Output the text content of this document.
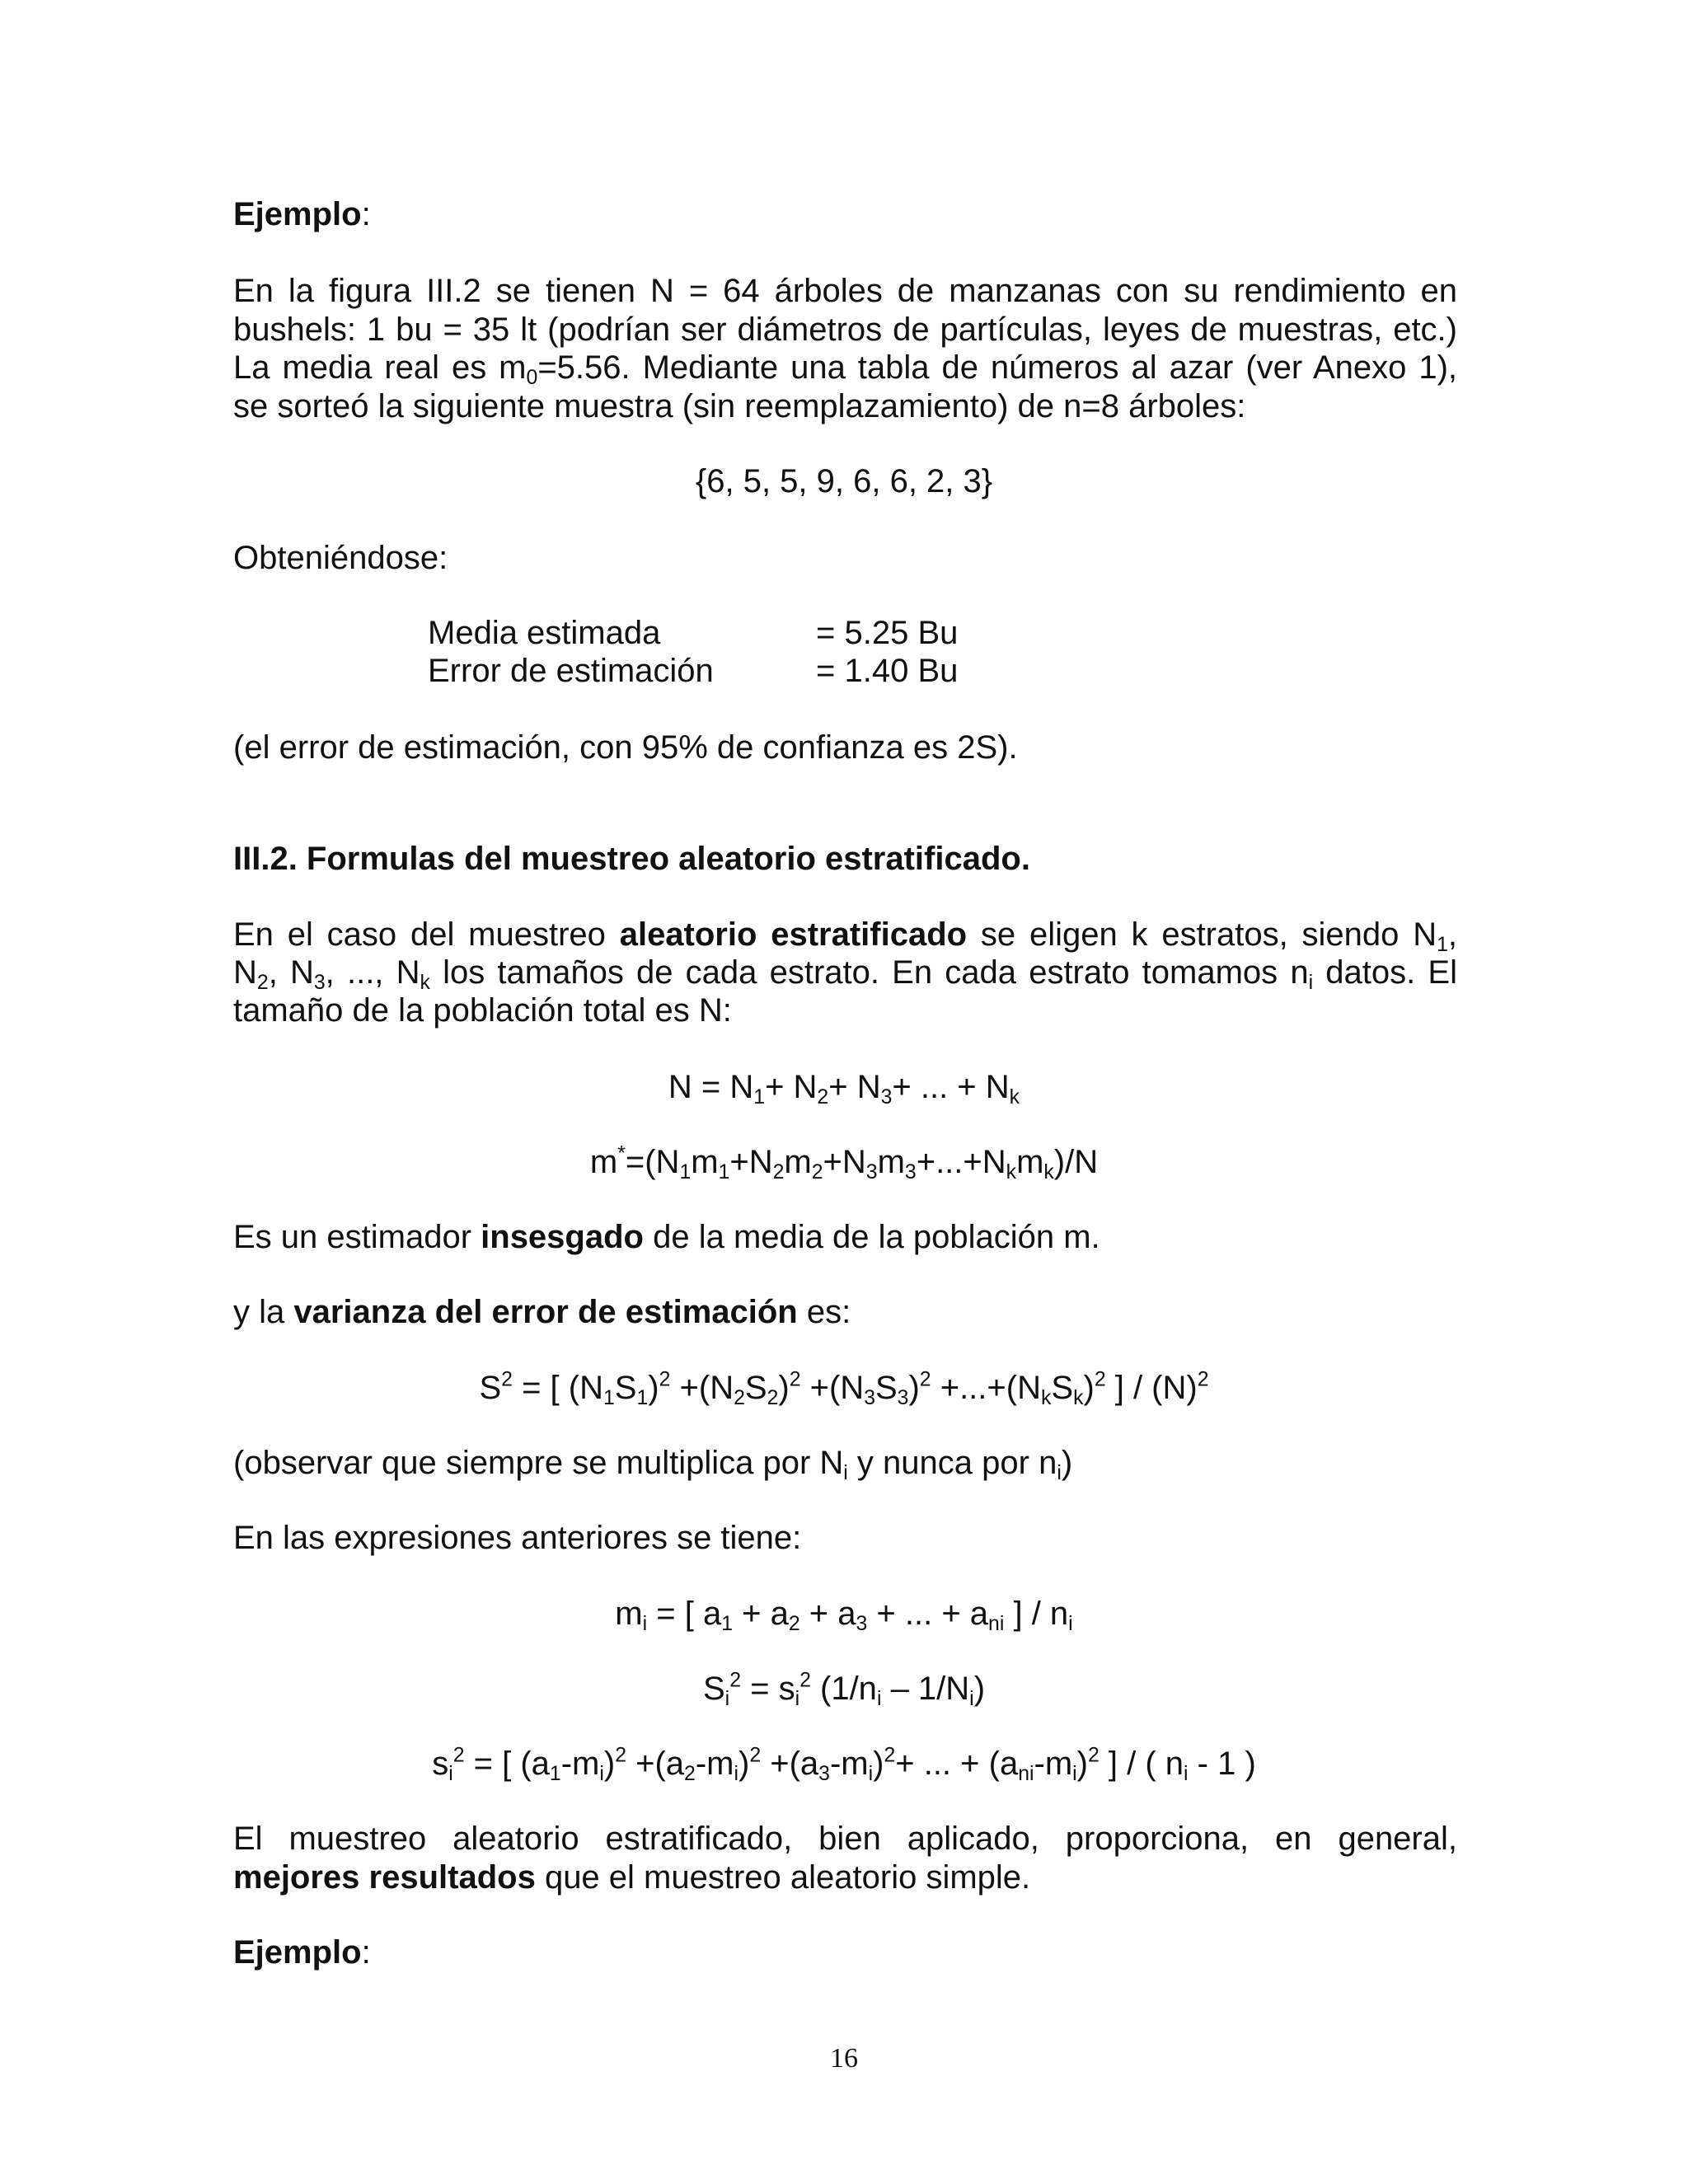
Ejemplo:
En la figura III.2 se tienen N = 64 árboles de manzanas con su rendimiento en
bushels: 1 bu = 35 lt (podrían ser diámetros de partículas, leyes de muestras, etc.)
La media real es $m_0=5.56$. Mediante una tabla de números al azar (ver Anexo 1),
se sorteó la siguiente muestra (sin reemplazamiento) de n=8 árboles:
{6, 5, 5, 9, 6, 6, 2, 3}
Obteniéndose:
Media estimada	= 5.25 Bu
Error de estimación	= 1.40 Bu
(el error de estimación, con 95% de confianza es 2S).
III.2. Formulas del muestreo aleatorio estratificado.
En el caso del muestreo aleatorio estratificado se eligen k estratos, siendo $N_1$,
$N_2$, $N_3$, ..., $N_k$ los tamaños de cada estrato. En cada estrato tomamos $n_i$ datos. El
tamaño de la población total es N:
$N = N_1+ N_2+ N_3+$ ... + $N_k$
$m^*=(N_1m_1+N_2m_2+N_3m_3+...+N_km_k)/N$
Es un estimador insesgado de la media de la población m.
y la varianza del error de estimación es:
$S^2$ = [ $(N_1S_1)^2 +(N_2S_2)^2 +(N_3S_3)^2 +...+(N_kS_k)^2$ ] / $(N)^2$
(observar que siempre se multiplica por $N_i$ y nunca por $n_i$)
En las expresiones anteriores se tiene:
$m_i$ = [ $a_1 + a_2 + a_3$ + ... + $a_{ni}$ ] / $n_i$
$S_i^2 = s_i^2$ $(1/n_i - 1/N_i)$
$s_i^2$ = [ $(a_1-m_i)^2 +(a_2-m_i)^2 +(a_3-m_i)^2+$ ... + $(a_{ni}-m_i)^2$ ] / ( $n_i - 1$ )
El muestreo aleatorio estratificado, bien aplicado, proporciona, en general,
mejores resultados que el muestreo aleatorio simple.
Ejemplo:
16
